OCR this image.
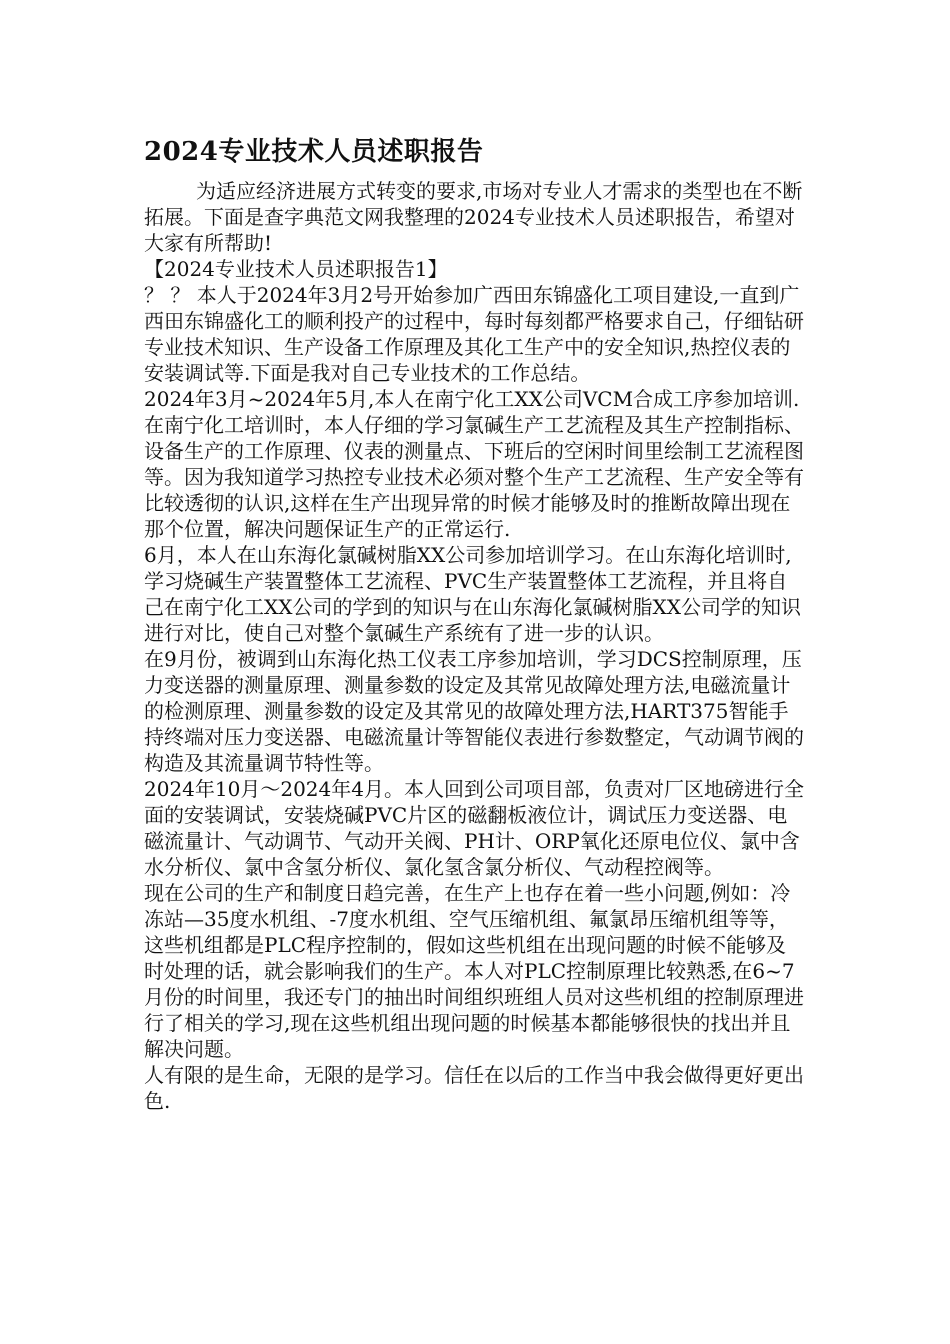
2024专业技术人员述职报告

为适应经济进展方式转变的要求,市场对专业人才需求的类型也在不断拓展。下面是查字典范文网我整理的2024专业技术人员述职报告，希望对大家有所帮助!

【2024专业技术人员述职报告1】

？ ？ 本人于2024年3月2号开始参加广西田东锦盛化工项目建设,一直到广西田东锦盛化工的顺利投产的过程中，每时每刻都严格要求自己，仔细钻研专业技术知识、生产设备工作原理及其化工生产中的安全知识,热控仪表的安装调试等.下面是我对自己专业技术的工作总结。

2024年3月~2024年5月,本人在南宁化工XX公司VCM合成工序参加培训.在南宁化工培训时，本人仔细的学习氯碱生产工艺流程及其生产控制指标、设备生产的工作原理、仪表的测量点、下班后的空闲时间里绘制工艺流程图等。因为我知道学习热控专业技术必须对整个生产工艺流程、生产安全等有比较透彻的认识,这样在生产出现异常的时候才能够及时的推断故障出现在那个位置，解决问题保证生产的正常运行.

6月，本人在山东海化氯碱树脂XX公司参加培训学习。在山东海化培训时,学习烧碱生产装置整体工艺流程、PVC生产装置整体工艺流程，并且将自己在南宁化工XX公司的学到的知识与在山东海化氯碱树脂XX公司学的知识进行对比，使自己对整个氯碱生产系统有了进一步的认识。

在9月份，被调到山东海化热工仪表工序参加培训，学习DCS控制原理，压力变送器的测量原理、测量参数的设定及其常见故障处理方法,电磁流量计的检测原理、测量参数的设定及其常见的故障处理方法,HART375智能手持终端对压力变送器、电磁流量计等智能仪表进行参数整定，气动调节阀的构造及其流量调节特性等。

2024年10月～2024年4月。本人回到公司项目部，负责对厂区地磅进行全面的安装调试，安装烧碱PVC片区的磁翻板液位计，调试压力变送器、电磁流量计、气动调节、气动开关阀、PH计、ORP氧化还原电位仪、氯中含水分析仪、氯中含氢分析仪、氯化氢含氯分析仪、气动程控阀等。

现在公司的生产和制度日趋完善，在生产上也存在着一些小问题,例如：冷冻站—35度水机组、-7度水机组、空气压缩机组、氟氯昂压缩机组等等，这些机组都是PLC程序控制的，假如这些机组在出现问题的时候不能够及时处理的话，就会影响我们的生产。本人对PLC控制原理比较熟悉,在6~7月份的时间里，我还专门的抽出时间组织班组人员对这些机组的控制原理进行了相关的学习,现在这些机组出现问题的时候基本都能够很快的找出并且解决问题。

人有限的是生命，无限的是学习。信任在以后的工作当中我会做得更好更出色.
